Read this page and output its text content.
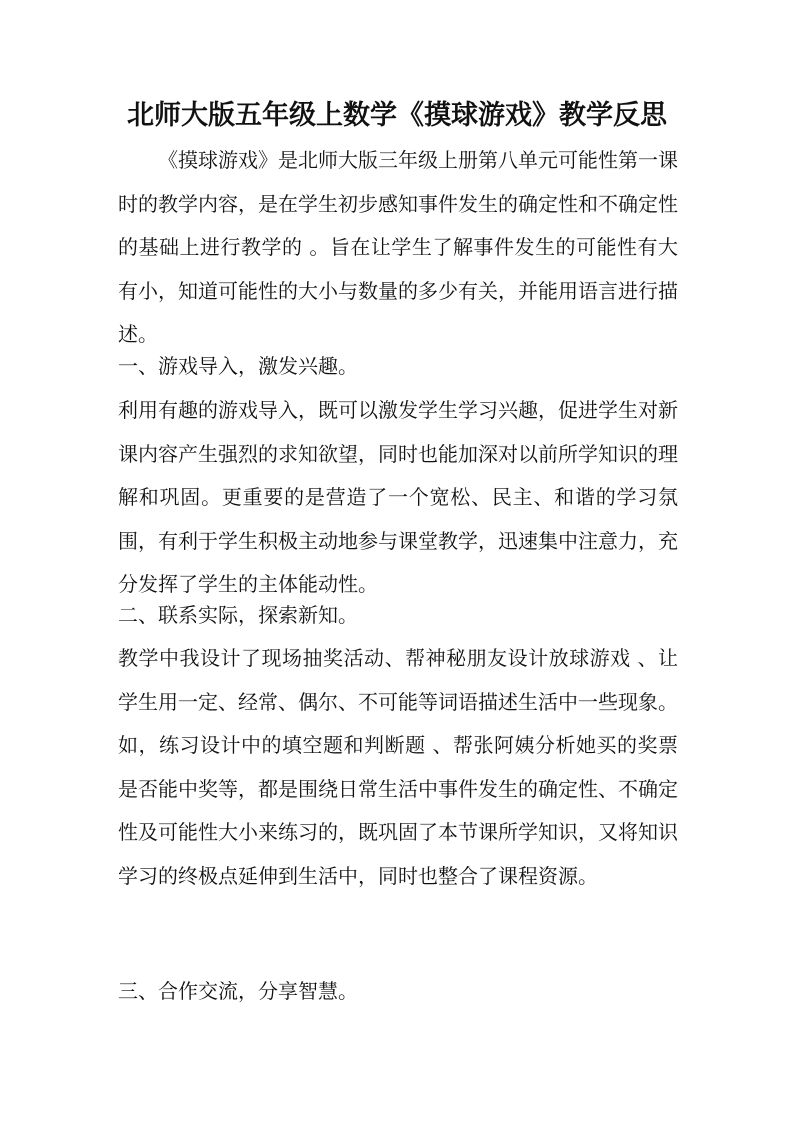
北师大版五年级上数学《摸球游戏》教学反思

《摸球游戏》是北师大版三年级上册第八单元可能性第一课时的教学内容，是在学生初步感知事件发生的确定性和不确定性的基础上进行教学的 。旨在让学生了解事件发生的可能性有大有小，知道可能性的大小与数量的多少有关，并能用语言进行描述。

一、游戏导入，激发兴趣。

利用有趣的游戏导入，既可以激发学生学习兴趣，促进学生对新课内容产生强烈的求知欲望，同时也能加深对以前所学知识的理解和巩固。更重要的是营造了一个宽松、民主、和谐的学习氛围，有利于学生积极主动地参与课堂教学，迅速集中注意力，充分发挥了学生的主体能动性。

二、联系实际，探索新知。

教学中我设计了现场抽奖活动、帮神秘朋友设计放球游戏 、让学生用一定、经常、偶尔、不可能等词语描述生活中一些现象。如，练习设计中的填空题和判断题 、帮张阿姨分析她买的奖票是否能中奖等，都是围绕日常生活中事件发生的确定性、不确定性及可能性大小来练习的，既巩固了本节课所学知识，又将知识学习的终极点延伸到生活中，同时也整合了课程资源。

三、合作交流，分享智慧。
